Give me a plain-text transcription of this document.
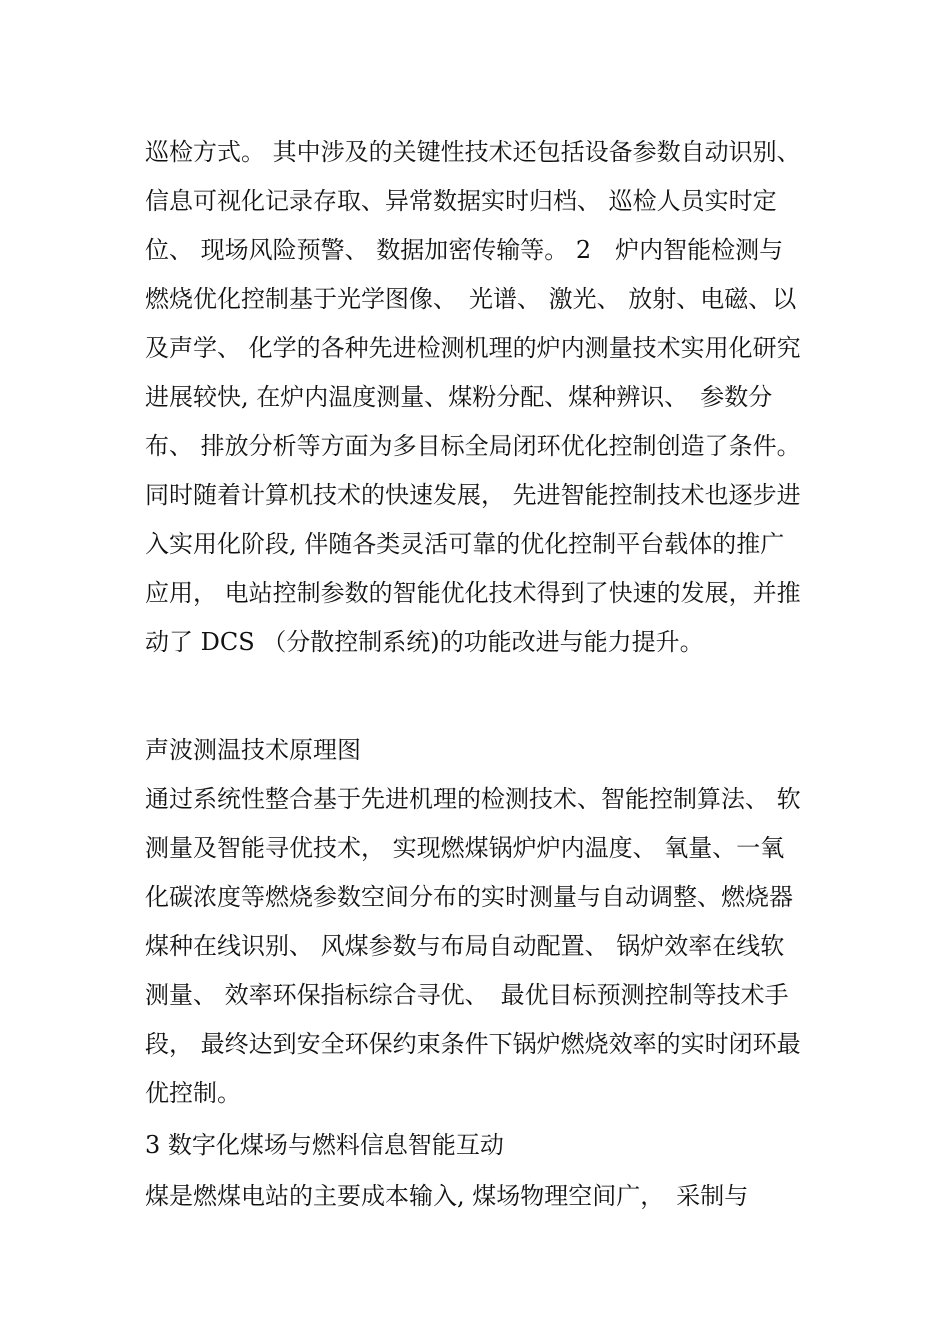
巡检方式。 其中涉及的关键性技术还包括设备参数自动识别、信息可视化记录存取、异常数据实时归档、 巡检人员实时定位、 现场风险预警、 数据加密传输等。 2　炉内智能检测与燃烧优化控制基于光学图像、　光谱、 激光、 放射、电磁、以及声学、 化学的各种先进检测机理的炉内测量技术实用化研究进展较快, 在炉内温度测量、煤粉分配、煤种辨识、　参数分布、 排放分析等方面为多目标全局闭环优化控制创造了条件。同时随着计算机技术的快速发展， 先进智能控制技术也逐步进入实用化阶段, 伴随各类灵活可靠的优化控制平台载体的推广应用， 电站控制参数的智能优化技术得到了快速的发展，并推动了 DCS （分散控制系统)的功能改进与能力提升。

声波测温技术原理图

通过系统性整合基于先进机理的检测技术、智能控制算法、 软测量及智能寻优技术， 实现燃煤锅炉炉内温度、 氧量、一氧化碳浓度等燃烧参数空间分布的实时测量与自动调整、燃烧器煤种在线识别、 风煤参数与布局自动配置、 锅炉效率在线软测量、 效率环保指标综合寻优、　最优目标预测控制等技术手段， 最终达到安全环保约束条件下锅炉燃烧效率的实时闭环最优控制。

3 数字化煤场与燃料信息智能互动

煤是燃煤电站的主要成本输入, 煤场物理空间广，　采制与
